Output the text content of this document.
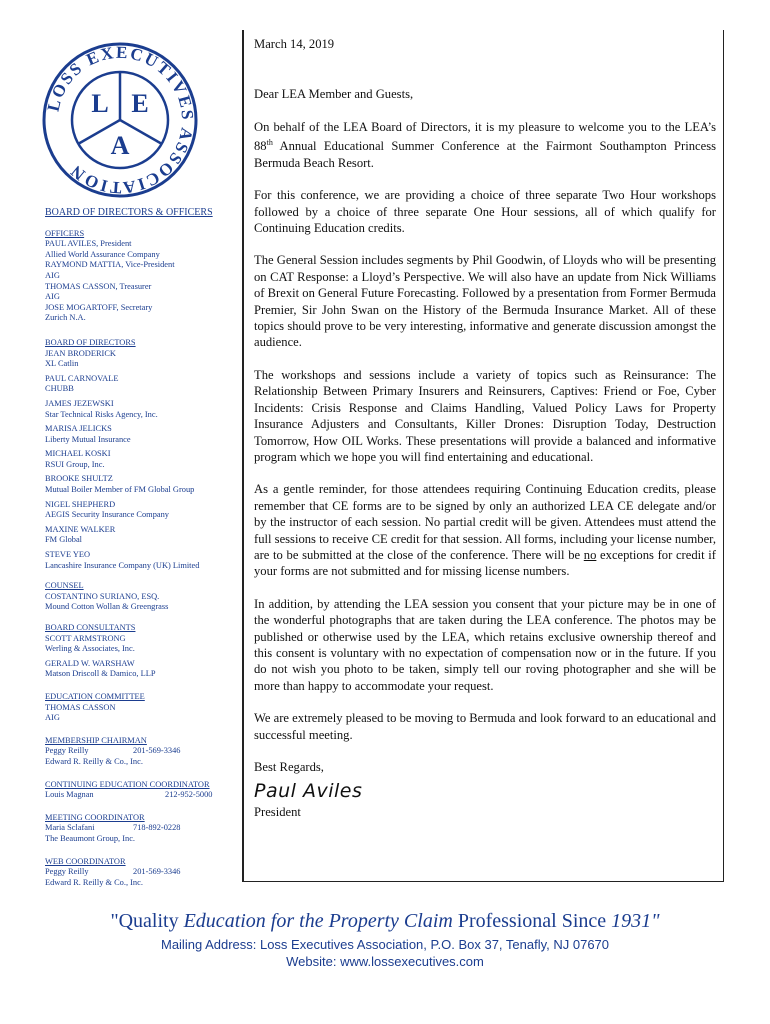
LOSS EXECUTIVES ASSOCIATION
L E
A
BOARD OF DIRECTORS & OFFICERS
OFFICERS
PAUL AVILES, President
Allied World Assurance Company
RAYMOND MATTIA, Vice-President
AIG
THOMAS CASSON, Treasurer
AIG
JOSE MOGARTOFF, Secretary
Zurich N.A.
BOARD OF DIRECTORS
JEAN BRODERICK
XL Catlin
PAUL CARNOVALE
CHUBB
JAMES JEZEWSKI
Star Technical Risks Agency, Inc.
MARISA JELICKS
Liberty Mutual Insurance
MICHAEL KOSKI
RSUI Group, Inc.
BROOKE SHULTZ
Mutual Boiler Member of FM Global Group
NIGEL SHEPHERD
AEGIS Security Insurance Company
MAXINE WALKER
FM Global
STEVE YEO
Lancashire Insurance Company (UK) Limited
COUNSEL
COSTANTINO SURIANO, ESQ.
Mound Cotton Wollan & Greengrass
BOARD CONSULTANTS
SCOTT ARMSTRONG
Werling & Associates, Inc.
GERALD W. WARSHAW
Matson Driscoll & Damico, LLP
EDUCATION COMMITTEE
THOMAS CASSON
AIG
MEMBERSHIP CHAIRMAN
Peggy Reilly	201-569-3346
Edward R. Reilly & Co., Inc.
CONTINUING EDUCATION COORDINATOR
Louis Magnan	212-952-5000
MEETING COORDINATOR
Maria Sclafani	718-892-0228
The Beaumont Group, Inc.
WEB COORDINATOR
Peggy Reilly	201-569-3346
Edward R. Reilly & Co., Inc.

March 14, 2019

Dear LEA Member and Guests,

On behalf of the LEA Board of Directors, it is my pleasure to welcome you to the LEA’s 88th Annual Educational Summer Conference at the Fairmont Southampton Princess Bermuda Beach Resort.

For this conference, we are providing a choice of three separate Two Hour workshops followed by a choice of three separate One Hour sessions, all of which qualify for Continuing Education credits.

The General Session includes segments by Phil Goodwin, of Lloyds who will be presenting on CAT Response: a Lloyd’s Perspective. We will also have an update from Nick Williams of Brexit on General Future Forecasting. Followed by a presentation from Former Bermuda Premier, Sir John Swan on the History of the Bermuda Insurance Market. All of these topics should prove to be very interesting, informative and generate discussion amongst the audience.

The workshops and sessions include a variety of topics such as Reinsurance: The Relationship Between Primary Insurers and Reinsurers, Captives: Friend or Foe, Cyber Incidents: Crisis Response and Claims Handling, Valued Policy Laws for Property Insurance Adjusters and Consultants, Killer Drones: Disruption Today, Destruction Tomorrow, How OIL Works. These presentations will provide a balanced and informative program which we hope you will find entertaining and educational.

As a gentle reminder, for those attendees requiring Continuing Education credits, please remember that CE forms are to be signed by only an authorized LEA CE delegate and/or by the instructor of each session. No partial credit will be given. Attendees must attend the full sessions to receive CE credit for that session. All forms, including your license number, are to be submitted at the close of the conference. There will be no exceptions for credit if your forms are not submitted and for missing license numbers.

In addition, by attending the LEA session you consent that your picture may be in one of the wonderful photographs that are taken during the LEA conference. The photos may be published or otherwise used by the LEA, which retains exclusive ownership thereof and this consent is voluntary with no expectation of compensation now or in the future. If you do not wish you photo to be taken, simply tell our roving photographer and she will be more than happy to accommodate your request.

We are extremely pleased to be moving to Bermuda and look forward to an educational and successful meeting.

Best Regards,

Paul Aviles

President

"Quality Education for the Property Claim Professional Since 1931"
Mailing Address: Loss Executives Association, P.O. Box 37, Tenafly, NJ 07670
Website: www.lossexecutives.com
